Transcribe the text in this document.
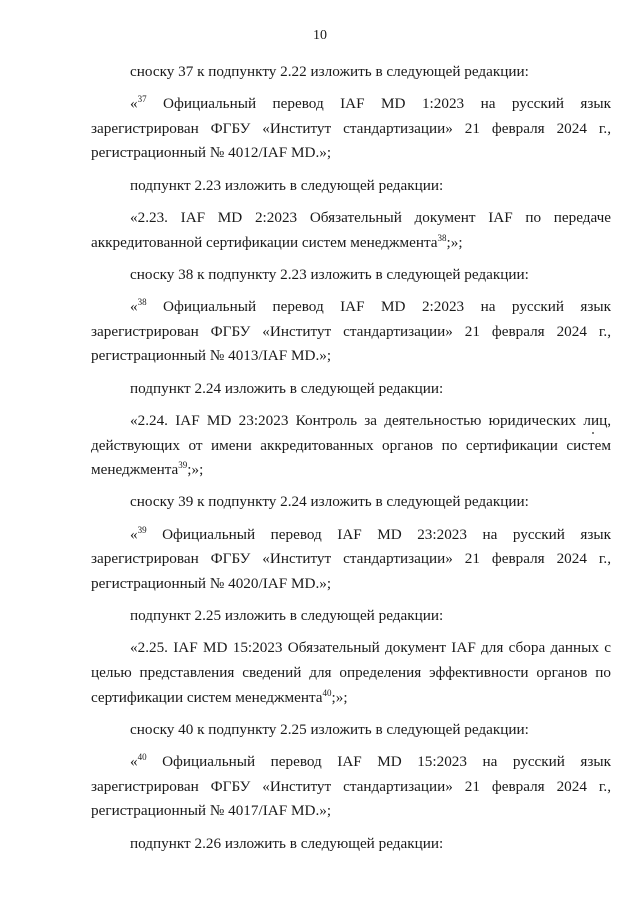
10

сноску 37 к подпункту 2.22 изложить в следующей редакции:

«$^{37}$ Официальный перевод IAF MD 1:2023 на русский язык зарегистрирован ФГБУ «Институт стандартизации» 21 февраля 2024 г., регистрационный № 4012/IAF MD.»;

подпункт 2.23 изложить в следующей редакции:

«2.23. IAF MD 2:2023 Обязательный документ IAF по передаче аккредитованной сертификации систем менеджмента$^{38}$;»;

сноску 38 к подпункту 2.23 изложить в следующей редакции:

«$^{38}$ Официальный перевод IAF MD 2:2023 на русский язык зарегистрирован ФГБУ «Институт стандартизации» 21 февраля 2024 г., регистрационный № 4013/IAF MD.»;

подпункт 2.24 изложить в следующей редакции:

«2.24. IAF MD 23:2023 Контроль за деятельностью юридических лиц, действующих от имени аккредитованных органов по сертификации систем менеджмента$^{39}$;»;

сноску 39 к подпункту 2.24 изложить в следующей редакции:

«$^{39}$ Официальный перевод IAF MD 23:2023 на русский язык зарегистрирован ФГБУ «Институт стандартизации» 21 февраля 2024 г., регистрационный № 4020/IAF MD.»;

подпункт 2.25 изложить в следующей редакции:

«2.25. IAF MD 15:2023 Обязательный документ IAF для сбора данных с целью представления сведений для определения эффективности органов по сертификации систем менеджмента$^{40}$;»;

сноску 40 к подпункту 2.25 изложить в следующей редакции:

«$^{40}$ Официальный перевод IAF MD 15:2023 на русский язык зарегистрирован ФГБУ «Институт стандартизации» 21 февраля 2024 г., регистрационный № 4017/IAF MD.»;

подпункт 2.26 изложить в следующей редакции:
